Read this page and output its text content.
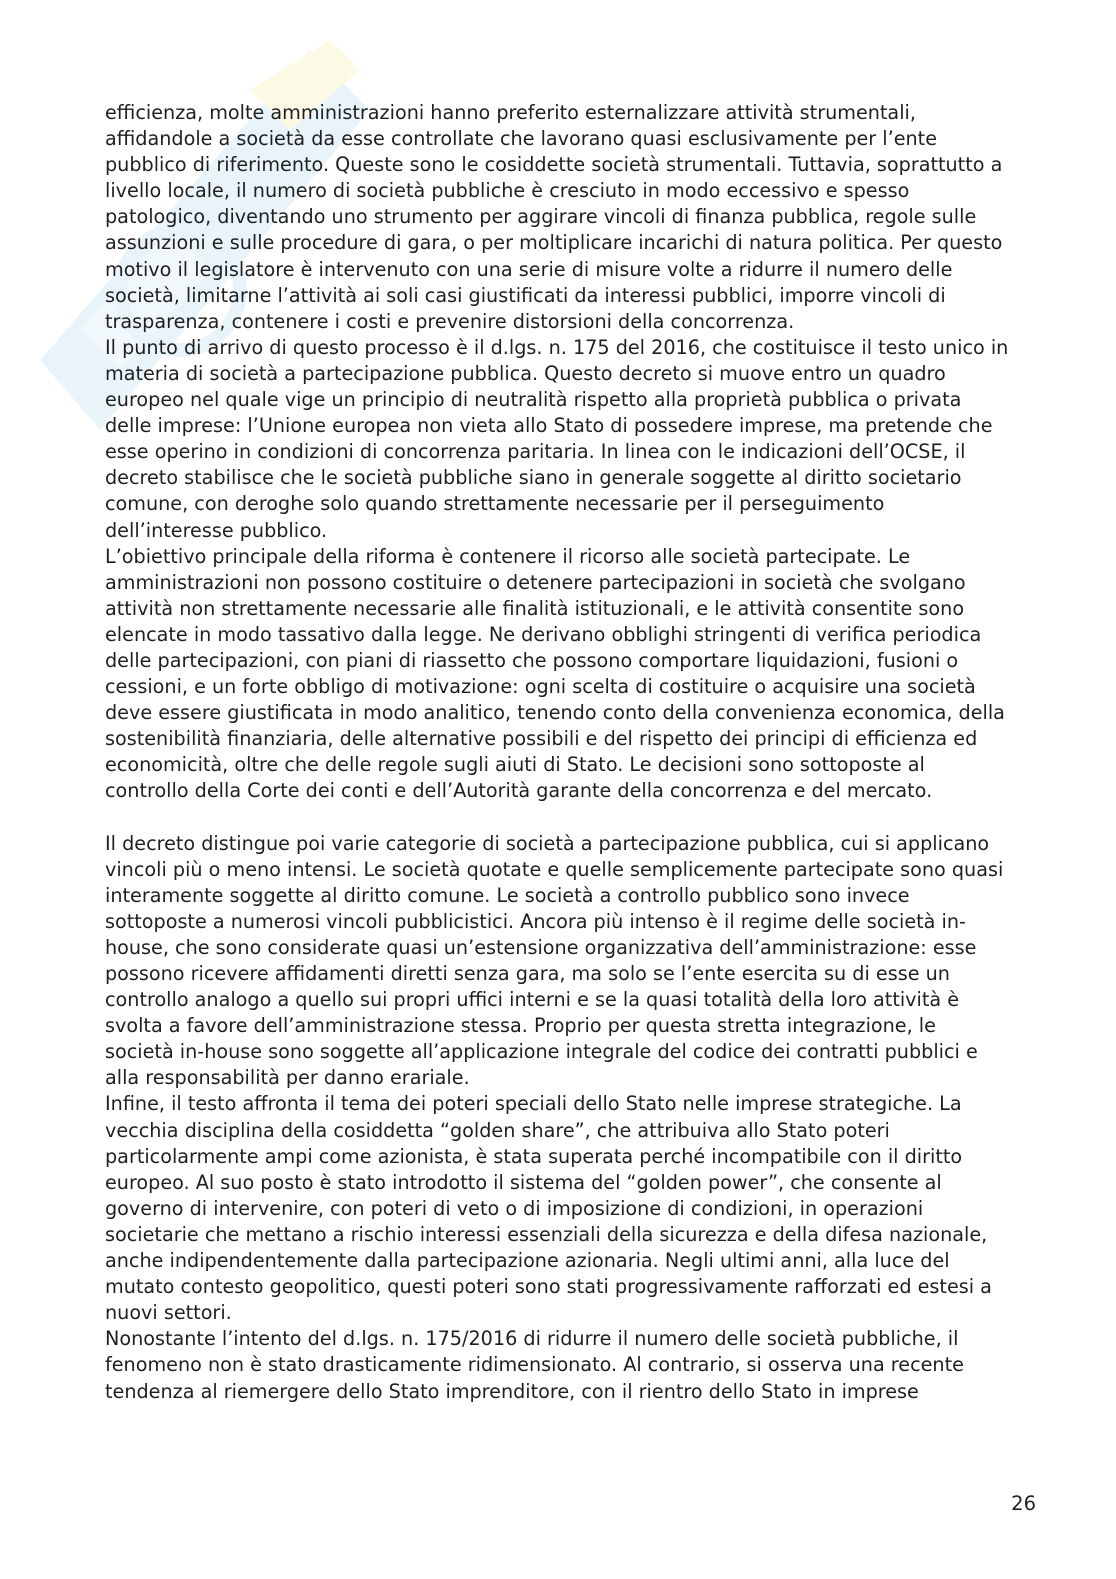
efficienza, molte amministrazioni hanno preferito esternalizzare attività strumentali, affidandole a società da esse controllate che lavorano quasi esclusivamente per l’ente pubblico di riferimento. Queste sono le cosiddette società strumentali. Tuttavia, soprattutto a livello locale, il numero di società pubbliche è cresciuto in modo eccessivo e spesso patologico, diventando uno strumento per aggirare vincoli di finanza pubblica, regole sulle assunzioni e sulle procedure di gara, o per moltiplicare incarichi di natura politica. Per questo motivo il legislatore è intervenuto con una serie di misure volte a ridurre il numero delle società, limitarne l’attività ai soli casi giustificati da interessi pubblici, imporre vincoli di trasparenza, contenere i costi e prevenire distorsioni della concorrenza.

Il punto di arrivo di questo processo è il d.lgs. n. 175 del 2016, che costituisce il testo unico in materia di società a partecipazione pubblica. Questo decreto si muove entro un quadro europeo nel quale vige un principio di neutralità rispetto alla proprietà pubblica o privata delle imprese: l’Unione europea non vieta allo Stato di possedere imprese, ma pretende che esse operino in condizioni di concorrenza paritaria. In linea con le indicazioni dell’OCSE, il decreto stabilisce che le società pubbliche siano in generale soggette al diritto societario comune, con deroghe solo quando strettamente necessarie per il perseguimento dell’interesse pubblico.

L’obiettivo principale della riforma è contenere il ricorso alle società partecipate. Le amministrazioni non possono costituire o detenere partecipazioni in società che svolgano attività non strettamente necessarie alle finalità istituzionali, e le attività consentite sono elencate in modo tassativo dalla legge. Ne derivano obblighi stringenti di verifica periodica delle partecipazioni, con piani di riassetto che possono comportare liquidazioni, fusioni o cessioni, e un forte obbligo di motivazione: ogni scelta di costituire o acquisire una società deve essere giustificata in modo analitico, tenendo conto della convenienza economica, della sostenibilità finanziaria, delle alternative possibili e del rispetto dei principi di efficienza ed economicità, oltre che delle regole sugli aiuti di Stato. Le decisioni sono sottoposte al controllo della Corte dei conti e dell’Autorità garante della concorrenza e del mercato.

Il decreto distingue poi varie categorie di società a partecipazione pubblica, cui si applicano vincoli più o meno intensi. Le società quotate e quelle semplicemente partecipate sono quasi interamente soggette al diritto comune. Le società a controllo pubblico sono invece sottoposte a numerosi vincoli pubblicistici. Ancora più intenso è il regime delle società in-house, che sono considerate quasi un’estensione organizzativa dell’amministrazione: esse possono ricevere affidamenti diretti senza gara, ma solo se l’ente esercita su di esse un controllo analogo a quello sui propri uffici interni e se la quasi totalità della loro attività è svolta a favore dell’amministrazione stessa. Proprio per questa stretta integrazione, le società in-house sono soggette all’applicazione integrale del codice dei contratti pubblici e alla responsabilità per danno erariale.

Infine, il testo affronta il tema dei poteri speciali dello Stato nelle imprese strategiche. La vecchia disciplina della cosiddetta “golden share”, che attribuiva allo Stato poteri particolarmente ampi come azionista, è stata superata perché incompatibile con il diritto europeo. Al suo posto è stato introdotto il sistema del “golden power”, che consente al governo di intervenire, con poteri di veto o di imposizione di condizioni, in operazioni societarie che mettano a rischio interessi essenziali della sicurezza e della difesa nazionale, anche indipendentemente dalla partecipazione azionaria. Negli ultimi anni, alla luce del mutato contesto geopolitico, questi poteri sono stati progressivamente rafforzati ed estesi a nuovi settori.

Nonostante l’intento del d.lgs. n. 175/2016 di ridurre il numero delle società pubbliche, il fenomeno non è stato drasticamente ridimensionato. Al contrario, si osserva una recente tendenza al riemergere dello Stato imprenditore, con il rientro dello Stato in imprese

26
